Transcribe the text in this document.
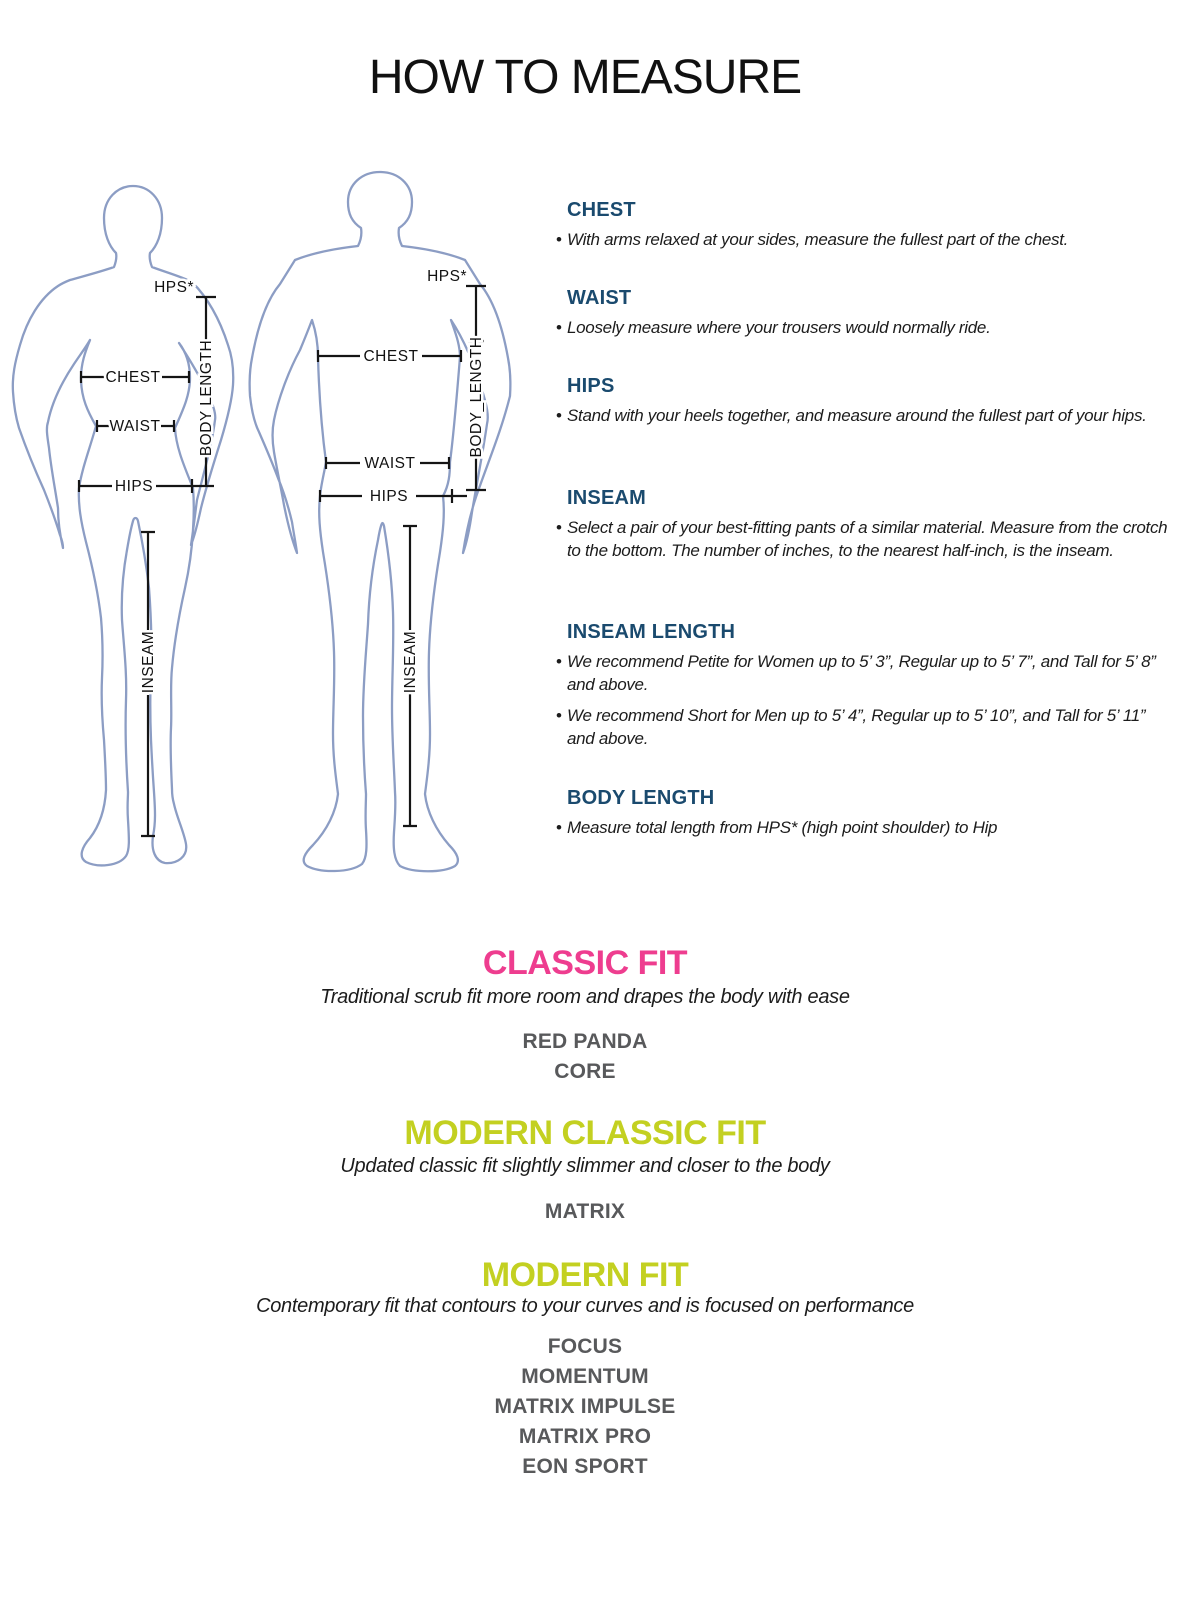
HOW TO MEASURE
HPS*
CHEST
WAIST
HIPS
BODY LENGTH
INSEAM
HPS*
CHEST
WAIST
HIPS
BODY_LENGTH
INSEAM
CHEST
• With arms relaxed at your sides, measure the fullest part of the chest.
WAIST
• Loosely measure where your trousers would normally ride.
HIPS
• Stand with your heels together, and measure around the fullest part of your hips.
INSEAM
• Select a pair of your best-fitting pants of a similar material. Measure from the crotch to the bottom. The number of inches, to the nearest half-inch, is the inseam.
INSEAM LENGTH
• We recommend Petite for Women up to 5’ 3”, Regular up to 5’ 7”, and Tall for 5’ 8” and above.
• We recommend Short for Men up to 5’ 4”, Regular up to 5’ 10”, and Tall for 5’ 11” and above.
BODY LENGTH
• Measure total length from HPS* (high point shoulder) to Hip
CLASSIC FIT
Traditional scrub fit more room and drapes the body with ease
RED PANDA
CORE
MODERN CLASSIC FIT
Updated classic fit slightly slimmer and closer to the body
MATRIX
MODERN FIT
Contemporary fit that contours to your curves and is focused on performance
FOCUS
MOMENTUM
MATRIX IMPULSE
MATRIX PRO
EON SPORT
